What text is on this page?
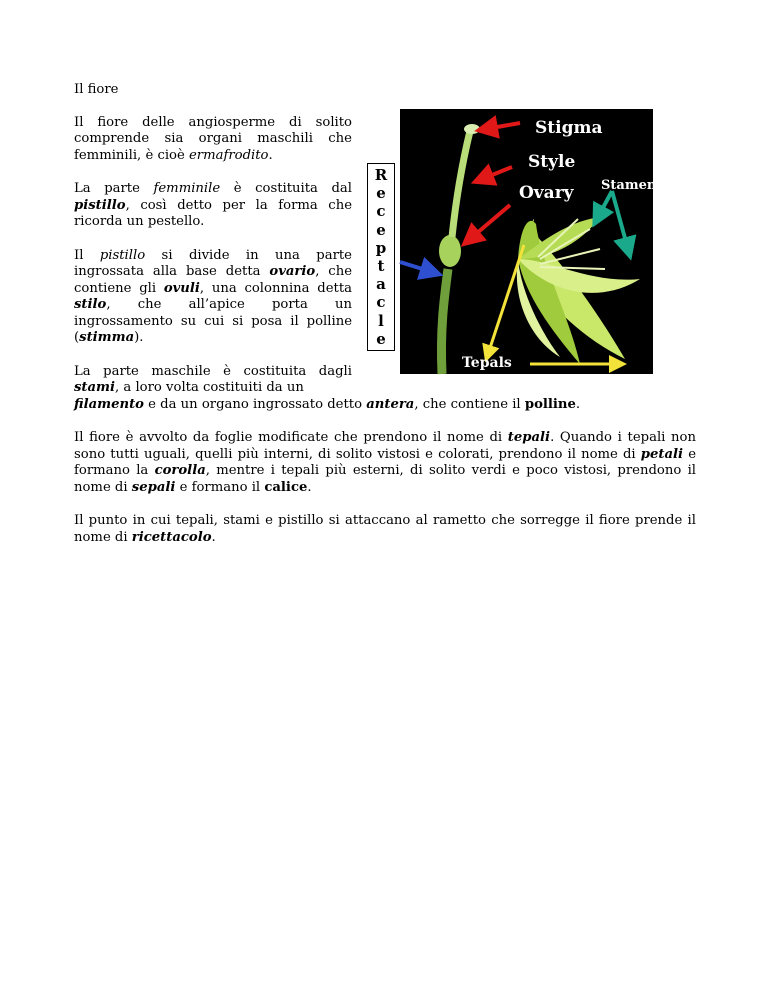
Il fiore
Il fiore delle angiosperme di solito comprende sia organi maschili che femminili, è cioè ermafrodito.
La parte femminile è costituita dal pistillo, così detto per la forma che ricorda un pestello.
Il pistillo si divide in una parte ingrossata alla base detta ovario, che contiene gli ovuli, una colonnina detta stilo, che all’apice porta un ingrossamento su cui si posa il polline (stimma).
La parte maschile è costituita dagli stami, a loro volta costituiti da un
filamento e da un organo ingrossato detto antera, che contiene il polline.
Il fiore è avvolto da foglie modificate che prendono il nome di tepali. Quando i tepali non sono tutti uguali, quelli più interni, di solito vistosi e colorati, prendono il nome di petali e formano la corolla, mentre i tepali più esterni, di solito verdi e poco vistosi, prendono il nome di sepali e formano il calice.
Il punto in cui tepali, stami e pistillo si attaccano al rametto che sorregge il fiore prende il nome di ricettacolo.
R
e
c
e
p
t
a
c
l
e
Stigma
Style
Ovary Stamens
Tepals
